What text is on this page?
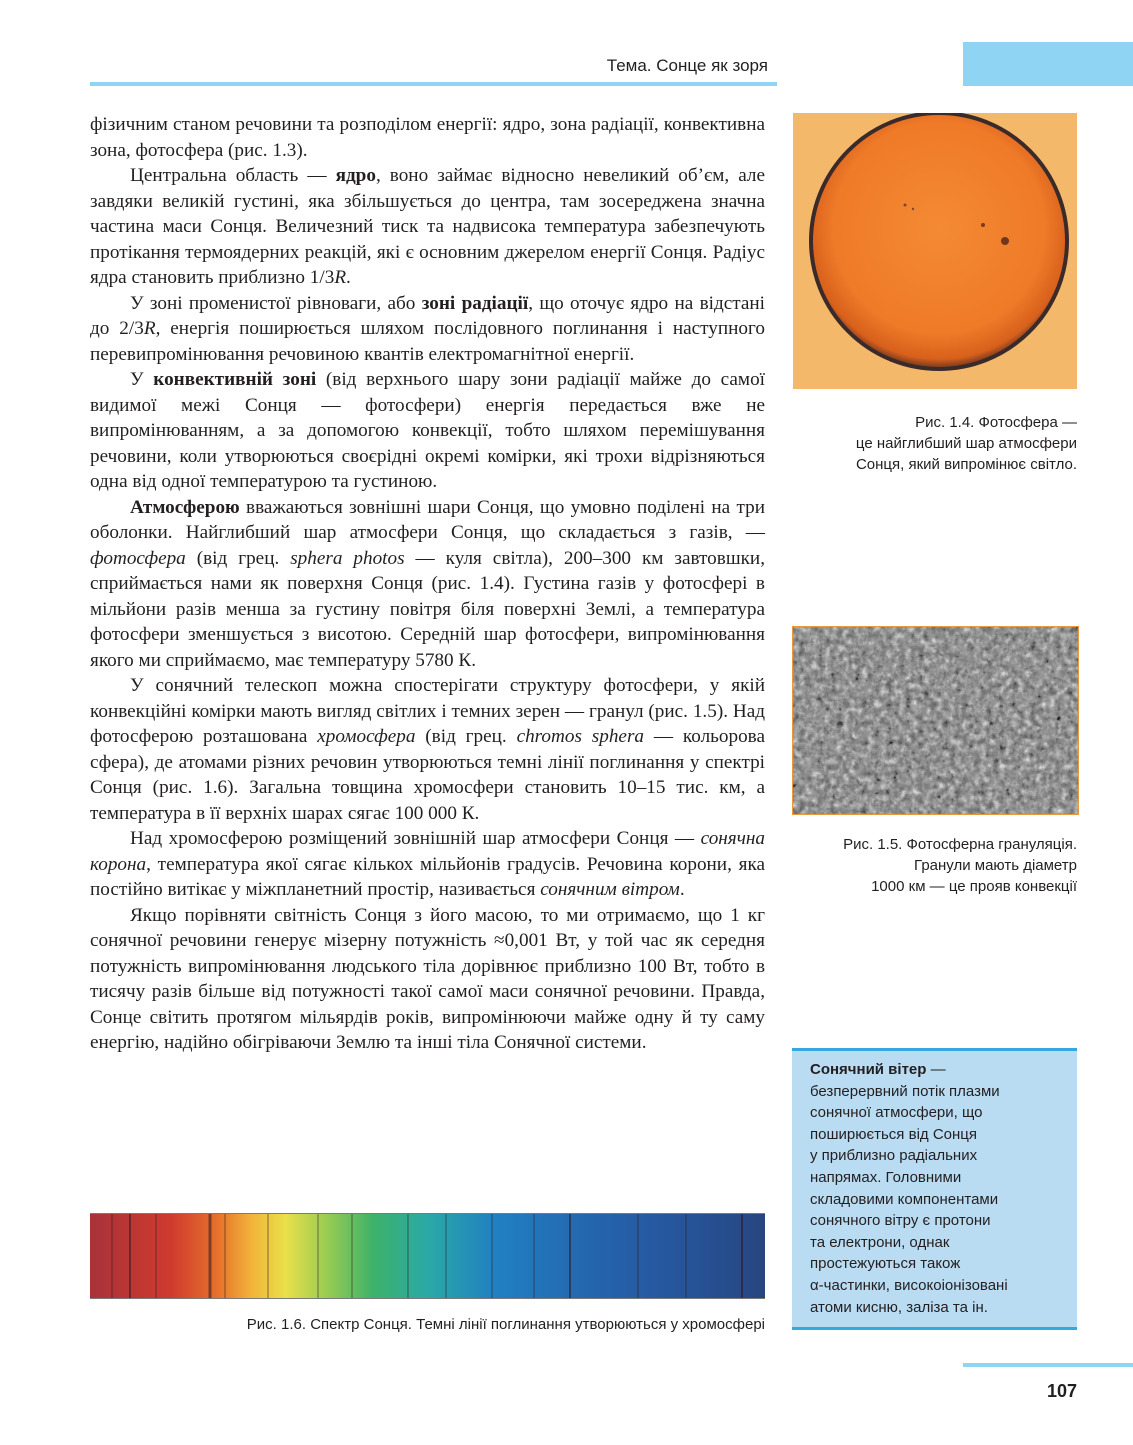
Тема. Сонце як зоря

фізичним станом речовини та розподілом енергії: ядро, зона радіації, конвективна зона, фотосфера (рис. 1.3).

Центральна область — ядро, воно займає відносно невеликий об’єм, але завдяки великій густині, яка збільшується до центра, там зосереджена значна частина маси Сонця. Величезний тиск та надвисока температура забезпечують протікання термоядерних реакцій, які є основним джерелом енергії Сонця. Радіус ядра становить приблизно 1/3R.

У зоні променистої рівноваги, або зоні радіації, що оточує ядро на відстані до 2/3R, енергія поширюється шляхом послідовного поглинання і наступного перевипромінювання речовиною квантів електромагнітної енергії.

У конвективній зоні (від верхнього шару зони радіації майже до самої видимої межі Сонця — фотосфери) енергія передається вже не випромінюванням, а за допомогою конвекції, тобто шляхом перемішування речовини, коли утворюються своєрідні окремі комірки, які трохи відрізняються одна від одної температурою та густиною.

Атмосферою вважаються зовнішні шари Сонця, що умовно поділені на три оболонки. Найглибший шар атмосфери Сонця, що складається з газів, — фотосфера (від грец. sphera photos — куля світла), 200–300 км завтовшки, сприймається нами як поверхня Сонця (рис. 1.4). Густина газів у фотосфері в мільйони разів менша за густину повітря біля поверхні Землі, а температура фотосфери зменшується з висотою. Середній шар фотосфери, випромінювання якого ми сприймаємо, має температуру 5780 К.

У сонячний телескоп можна спостерігати структуру фотосфери, у якій конвекційні комірки мають вигляд світлих і темних зерен — гранул (рис. 1.5). Над фотосферою розташована хромосфера (від грец. chromos sphera — кольорова сфера), де атомами різних речовин утворюються темні лінії поглинання у спектрі Сонця (рис. 1.6). Загальна товщина хромосфери становить 10–15 тис. км, а температура в її верхніх шарах сягає 100 000 К.

Над хромосферою розміщений зовнішній шар атмосфери Сонця — сонячна корона, температура якої сягає кількох мільйонів градусів. Речовина корони, яка постійно витікає у міжпланетний простір, називається сонячним вітром.

Якщо порівняти світність Сонця з його масою, то ми отримаємо, що 1 кг сонячної речовини генерує мізерну потужність ≈0,001 Вт, у той час як середня потужність випромінювання людського тіла дорівнює приблизно 100 Вт, тобто в тисячу разів більше від потужності такої самої маси сонячної речовини. Правда, Сонце світить протягом мільярдів років, випромінюючи майже одну й ту саму енергію, надійно обігріваючи Землю та інші тіла Сонячної системи.

Рис. 1.4. Фотосфера —
це найглибший шар атмосфери
Сонця, який випромінює світло.
Рис. 1.5. Фотосферна грануляція.
Гранули мають діаметр
1000 км — це прояв конвекції
Рис. 1.6. Спектр Сонця. Темні лінії поглинання утворюються у хромосфері
Сонячний вітер —
безперервний потік плазми
сонячної атмосфери, що
поширюється від Сонця
у приблизно радіальних
напрямах. Головними
складовими компонентами
сонячного вітру є протони
та електрони, однак
простежуються також
α-частинки, високоіонізовані
атоми кисню, заліза та ін.
107
